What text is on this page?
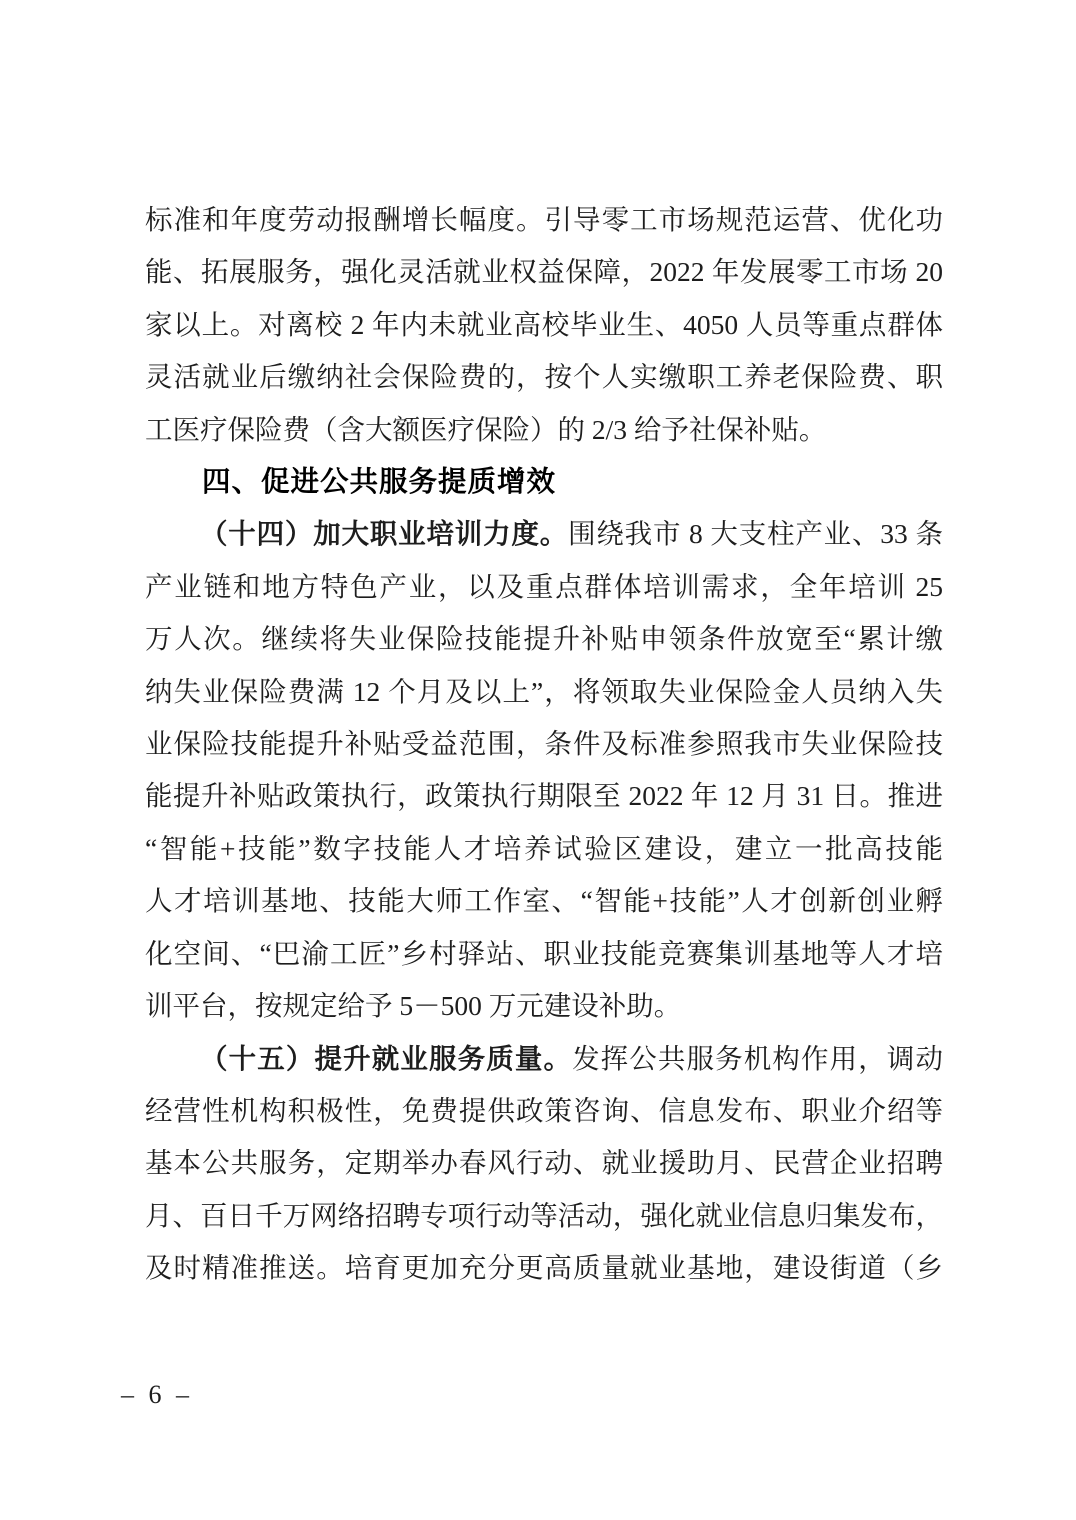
标准和年度劳动报酬增长幅度。引导零工市场规范运营、优化功
能、拓展服务，强化灵活就业权益保障，2022 年发展零工市场 20
家以上。对离校 2 年内未就业高校毕业生、4050 人员等重点群体
灵活就业后缴纳社会保险费的，按个人实缴职工养老保险费、职
工医疗保险费（含大额医疗保险）的 2/3 给予社保补贴。
四、促进公共服务提质增效
（十四）加大职业培训力度。围绕我市 8 大支柱产业、33 条
产业链和地方特色产业，以及重点群体培训需求，全年培训 25
万人次。继续将失业保险技能提升补贴申领条件放宽至“累计缴
纳失业保险费满 12 个月及以上”，将领取失业保险金人员纳入失
业保险技能提升补贴受益范围，条件及标准参照我市失业保险技
能提升补贴政策执行，政策执行期限至 2022 年 12 月 31 日。推进
“智能+技能”数字技能人才培养试验区建设，建立一批高技能
人才培训基地、技能大师工作室、“智能+技能”人才创新创业孵
化空间、“巴渝工匠”乡村驿站、职业技能竞赛集训基地等人才培
训平台，按规定给予 5－500 万元建设补助。
（十五）提升就业服务质量。发挥公共服务机构作用，调动
经营性机构积极性，免费提供政策咨询、信息发布、职业介绍等
基本公共服务，定期举办春风行动、就业援助月、民营企业招聘
月、百日千万网络招聘专项行动等活动，强化就业信息归集发布，
及时精准推送。培育更加充分更高质量就业基地，建设街道（乡
– 6 –
